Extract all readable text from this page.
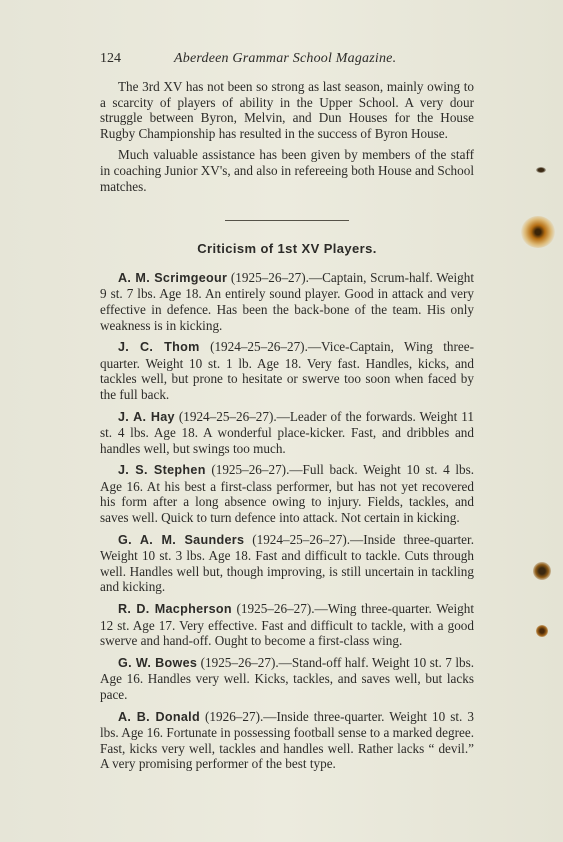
124	Aberdeen Grammar School Magazine.

The 3rd XV has not been so strong as last season, mainly owing to a scarcity of players of ability in the Upper School. A very dour struggle between Byron, Melvin, and Dun Houses for the House Rugby Championship has resulted in the success of Byron House.

Much valuable assistance has been given by members of the staff in coaching Junior XV's, and also in refereeing both House and School matches.

Criticism of 1st XV Players.

A. M. Scrimgeour (1925–26–27).—Captain, Scrum-half. Weight 9 st. 7 lbs. Age 18. An entirely sound player. Good in attack and very effective in defence. Has been the back-bone of the team. His only weakness is in kicking.

J. C. Thom (1924–25–26–27).—Vice-Captain, Wing three-quarter. Weight 10 st. 1 lb. Age 18. Very fast. Handles, kicks, and tackles well, but prone to hesitate or swerve too soon when faced by the full back.

J. A. Hay (1924–25–26–27).—Leader of the forwards. Weight 11 st. 4 lbs. Age 18. A wonderful place-kicker. Fast, and dribbles and handles well, but swings too much.

J. S. Stephen (1925–26–27).—Full back. Weight 10 st. 4 lbs. Age 16. At his best a first-class performer, but has not yet recovered his form after a long absence owing to injury. Fields, tackles, and saves well. Quick to turn defence into attack. Not certain in kicking.

G. A. M. Saunders (1924–25–26–27).—Inside three-quarter. Weight 10 st. 3 lbs. Age 18. Fast and difficult to tackle. Cuts through well. Handles well but, though improving, is still uncertain in tackling and kicking.

R. D. Macpherson (1925–26–27).—Wing three-quarter. Weight 12 st. Age 17. Very effective. Fast and difficult to tackle, with a good swerve and hand-off. Ought to become a first-class wing.

G. W. Bowes (1925–26–27).—Stand-off half. Weight 10 st. 7 lbs. Age 16. Handles very well. Kicks, tackles, and saves well, but lacks pace.

A. B. Donald (1926–27).—Inside three-quarter. Weight 10 st. 3 lbs. Age 16. Fortunate in possessing football sense to a marked degree. Fast, kicks very well, tackles and handles well. Rather lacks “ devil.” A very promising performer of the best type.
